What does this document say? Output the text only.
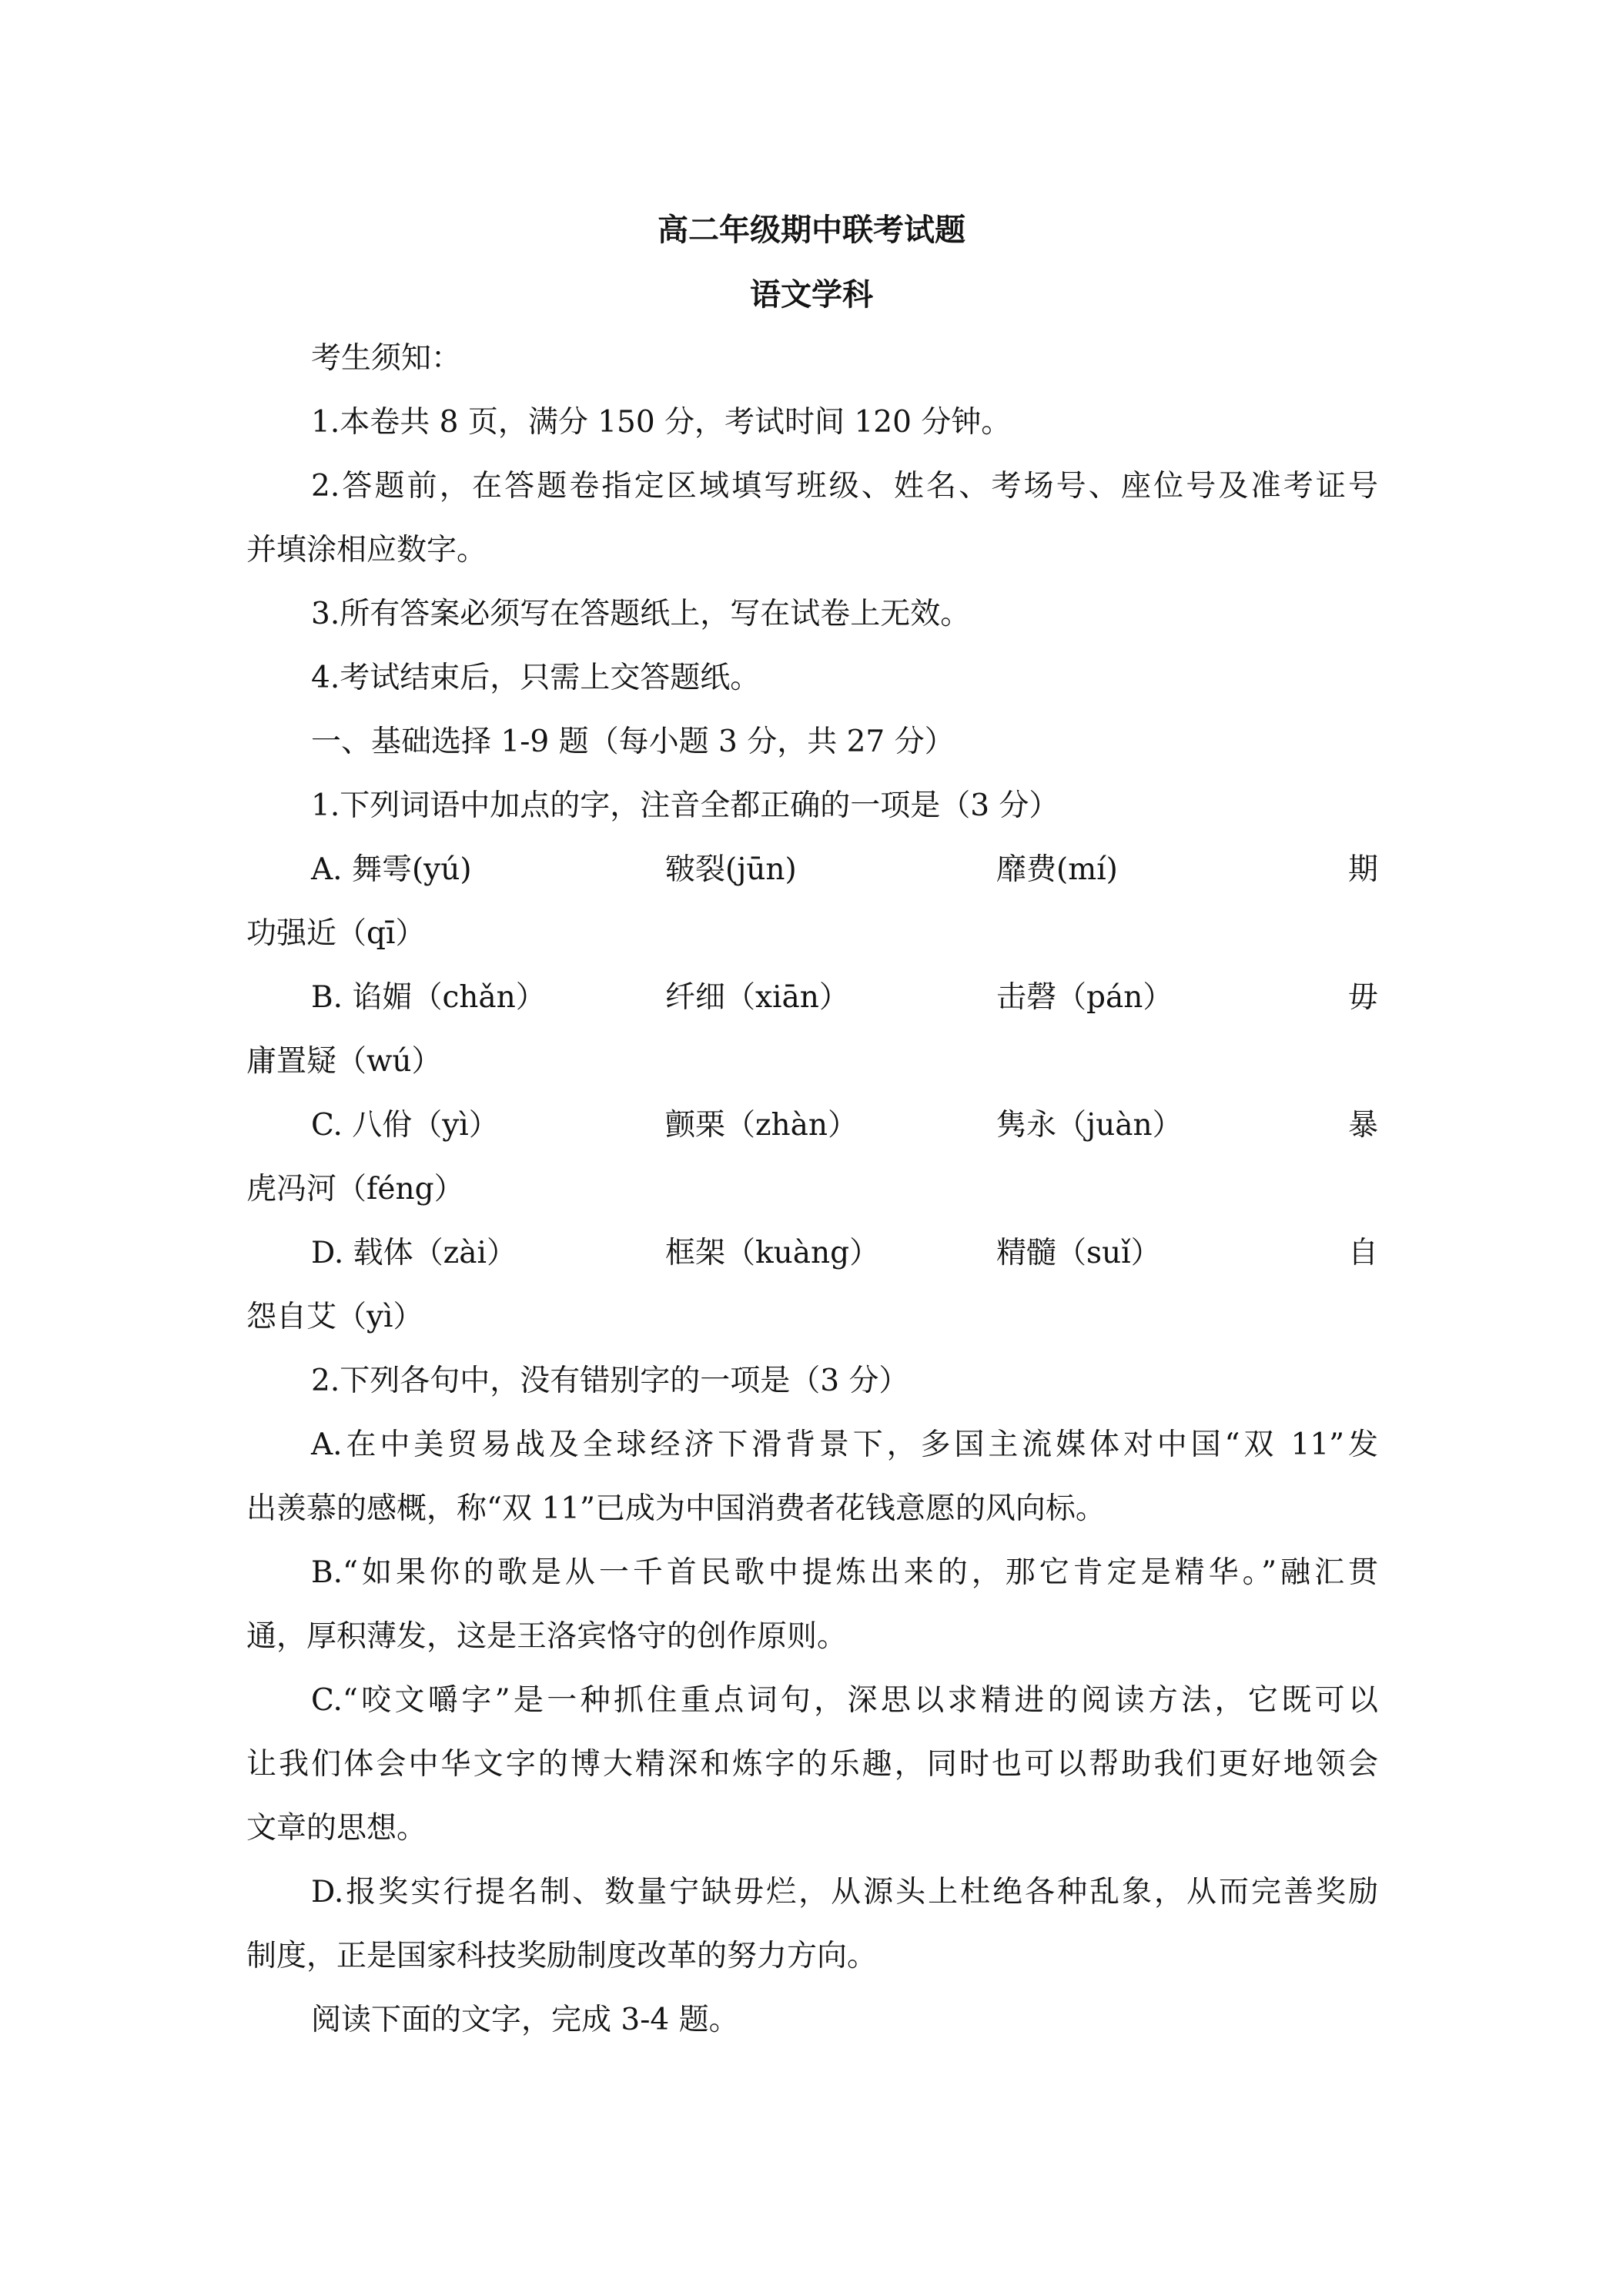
高二年级期中联考试题
语文学科
考生须知：
1.本卷共 8 页，满分 150 分，考试时间 120 分钟。
2.答题前，在答题卷指定区域填写班级、姓名、考场号、座位号及准考证号
并填涂相应数字。
3.所有答案必须写在答题纸上，写在试卷上无效。
4.考试结束后，只需上交答题纸。
一、基础选择 1-9 题（每小题 3 分，共 27 分）
1.下列词语中加点的字，注音全都正确的一项是（3 分）
A. 舞雩(yú)	皲裂(jūn)	靡费(mí)	期
功强近（qī）
B. 谄媚（chǎn）	纤细（xiān）	击磬（pán）	毋
庸置疑（wú）
C. 八佾（yì）	颤栗（zhàn）	隽永（juàn）	暴
虎冯河（féng）
D. 载体（zài）	框架（kuàng）	精髓（suǐ）	自
怨自艾（yì）
2.下列各句中，没有错别字的一项是（3 分）
A.在中美贸易战及全球经济下滑背景下，多国主流媒体对中国“双 11”发
出羡慕的感概，称“双 11”已成为中国消费者花钱意愿的风向标。
B.“如果你的歌是从一千首民歌中提炼出来的，那它肯定是精华。”融汇贯
通，厚积薄发，这是王洛宾恪守的创作原则。
C.“咬文嚼字”是一种抓住重点词句，深思以求精进的阅读方法，它既可以
让我们体会中华文字的博大精深和炼字的乐趣，同时也可以帮助我们更好地领会
文章的思想。
D.报奖实行提名制、数量宁缺毋烂，从源头上杜绝各种乱象，从而完善奖励
制度，正是国家科技奖励制度改革的努力方向。
阅读下面的文字，完成 3-4 题。
